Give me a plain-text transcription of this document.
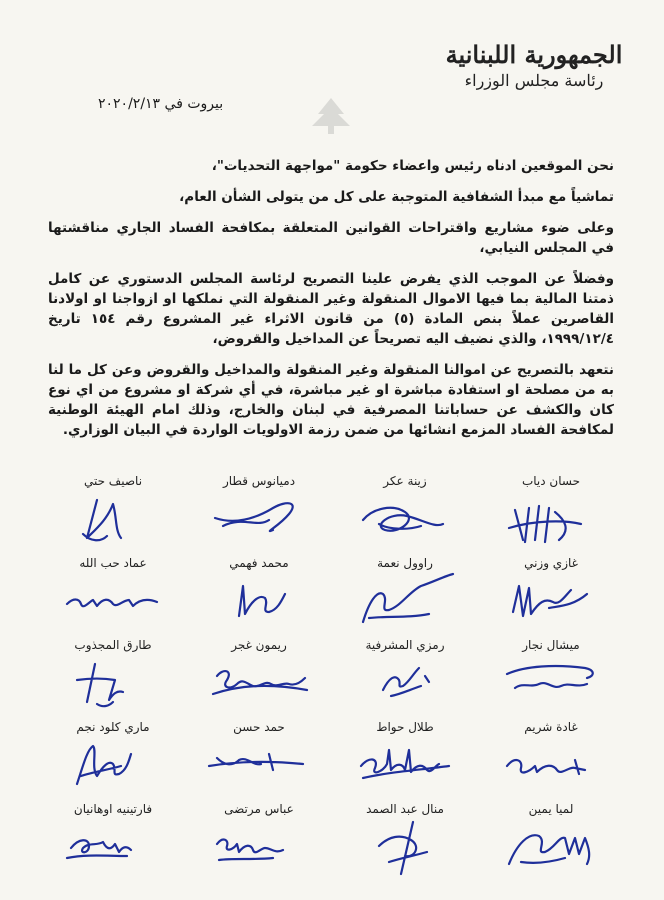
الجمهورية اللبنانية
رئاسة مجلس الوزراء
بيروت في ٢٠٢٠/٢/١٣

نحن الموقعين ادناه رئيس واعضاء حكومة "مواجهة التحديات"،

تماشياً مع مبدأ الشفافية المتوجبة على كل من يتولى الشأن العام،

وعلى ضوء مشاريع واقتراحات القوانين المتعلقة بمكافحة الفساد الجاري مناقشتها في المجلس النيابي،

وفضلاً عن الموجب الذي يفرض علينا التصريح لرئاسة المجلس الدستوري عن كامل ذمتنا المالية بما فيها الاموال المنقولة وغير المنقولة التي نملكها او ازواجنا او اولادنا القاصرين عملاً بنص المادة (٥) من قانون الاثراء غير المشروع رقم ١٥٤ تاريخ ١٩٩٩/١٢/٤، والذي نضيف اليه تصريحاً عن المداخيل والقروض،

نتعهد بالتصريح عن اموالنا المنقولة وغير المنقولة والمداخيل والقروض وعن كل ما لنا به من مصلحة او استفادة مباشرة او غير مباشرة، في أي شركة او مشروع من اي نوع كان والكشف عن حساباتنا المصرفية في لبنان والخارج، وذلك امام الهيئة الوطنية لمكافحة الفساد المزمع انشائها من ضمن رزمة الاولويات الواردة في البيان الوزاري.

حسان دياب
زينة عكر
دميانوس قطار
ناصيف حتي
غازي وزني
راوول نعمة
محمد فهمي
عماد حب الله
ميشال نجار
رمزي المشرفية
ريمون غجر
طارق المجذوب
غادة شريم
طلال حواط
حمد حسن
ماري كلود نجم
لميا يمين
منال عبد الصمد
عباس مرتضى
فارتينيه اوهانيان
